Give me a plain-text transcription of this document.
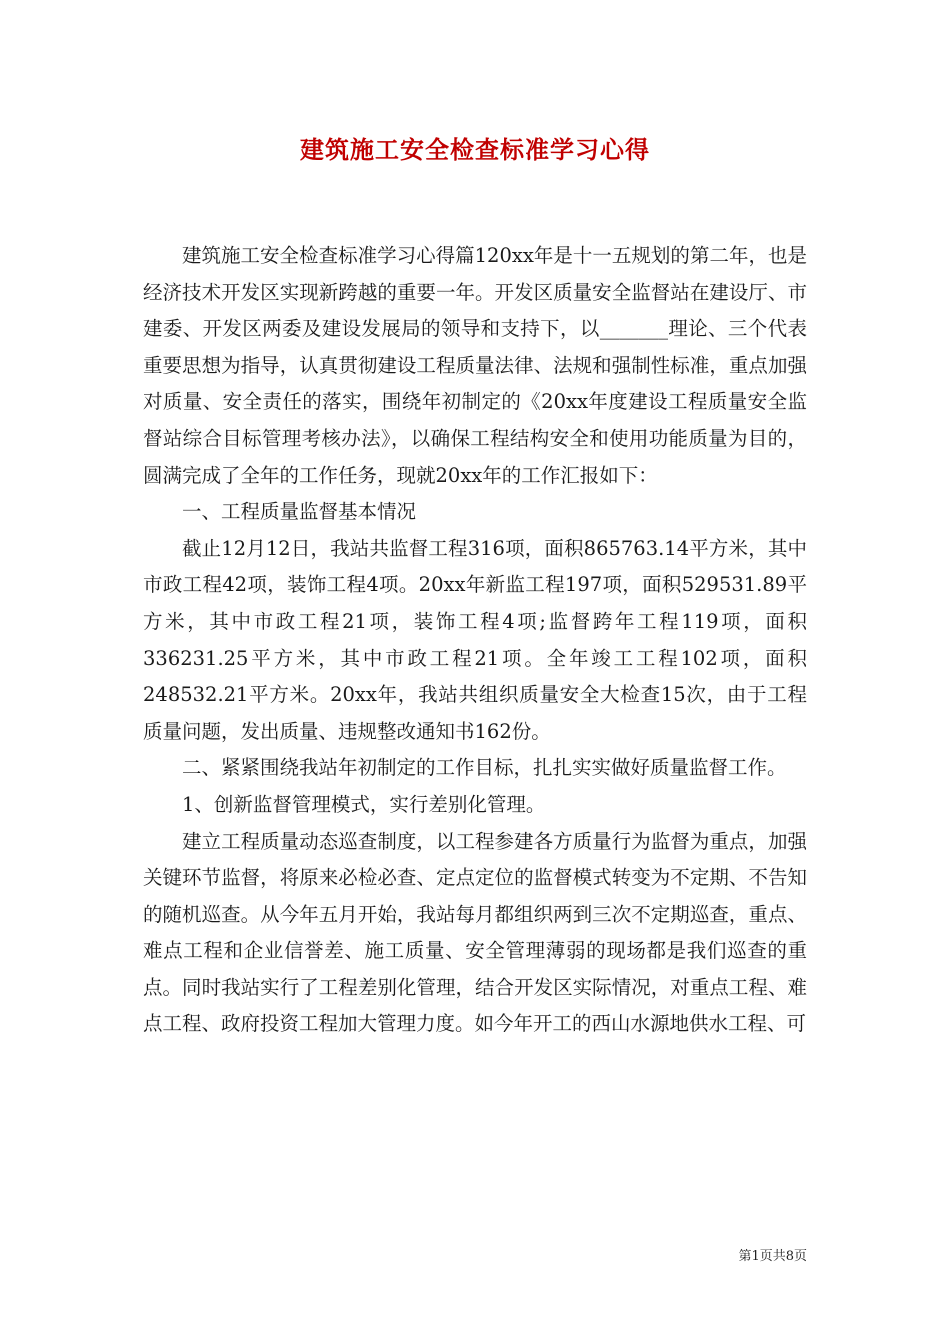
建筑施工安全检查标准学习心得

建筑施工安全检查标准学习心得篇120xx年是十一五规划的第二年，也是经济技术开发区实现新跨越的重要一年。开发区质量安全监督站在建设厅、市建委、开发区两委及建设发展局的领导和支持下，以_______理论、三个代表重要思想为指导，认真贯彻建设工程质量法律、法规和强制性标准，重点加强对质量、安全责任的落实，围绕年初制定的《20xx年度建设工程质量安全监督站综合目标管理考核办法》，以确保工程结构安全和使用功能质量为目的，圆满完成了全年的工作任务，现就20xx年的工作汇报如下：

一、工程质量监督基本情况

截止12月12日，我站共监督工程316项，面积865763.14平方米，其中市政工程42项，装饰工程4项。20xx年新监工程197项，面积529531.89平方米，其中市政工程21项，装饰工程4项;监督跨年工程119项，面积336231.25平方米，其中市政工程21项。全年竣工工程102项，面积248532.21平方米。20xx年，我站共组织质量安全大检查15次，由于工程质量问题，发出质量、违规整改通知书162份。

二、紧紧围绕我站年初制定的工作目标，扎扎实实做好质量监督工作。

1、创新监督管理模式，实行差别化管理。

建立工程质量动态巡查制度，以工程参建各方质量行为监督为重点，加强关键环节监督，将原来必检必查、定点定位的监督模式转变为不定期、不告知的随机巡查。从今年五月开始，我站每月都组织两到三次不定期巡查，重点、难点工程和企业信誉差、施工质量、安全管理薄弱的现场都是我们巡查的重点。同时我站实行了工程差别化管理，结合开发区实际情况，对重点工程、难点工程、政府投资工程加大管理力度。如今年开工的西山水源地供水工程、可

第1页共8页
